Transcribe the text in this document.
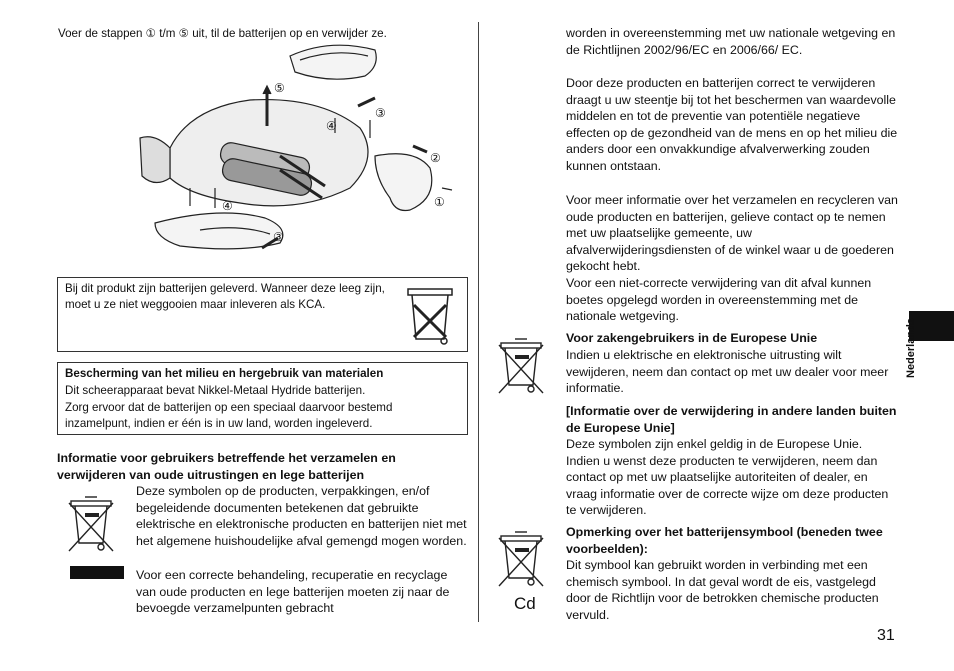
Voer de stappen ① t/m ⑤ uit, til de batterijen op en verwijder ze.
⑤
③
④
②
①
④
③
Bij dit produkt zijn batterijen geleverd. Wanneer deze leeg zijn, moet u ze niet weggooien maar inleveren als KCA.
Bescherming van het milieu en hergebruik van materialen
Dit scheerapparaat bevat Nikkel-Metaal Hydride batterijen.
Zorg ervoor dat de batterijen op een speciaal daarvoor bestemd inzamelpunt, indien er één is in uw land, worden ingeleverd.
Informatie voor gebruikers betreffende het verzamelen en verwijderen van oude uitrustingen en lege batterijen
Deze symbolen op de producten, verpakkingen, en/of begeleidende documenten betekenen dat gebruikte elektrische en elektronische producten en batterijen niet met het algemene huishoudelijke afval gemengd mogen worden.
Voor een correcte behandeling, recuperatie en recyclage van oude producten en lege batterijen moeten zij naar de bevoegde verzamelpunten gebracht
worden in overeenstemming met uw nationale wetgeving en de Richtlijnen 2002/96/EC en 2006/66/ EC.
Door deze producten en batterijen correct te verwijderen draagt u uw steentje bij tot het beschermen van waardevolle middelen en tot de preventie van potentiële negatieve effecten op de gezondheid van de mens en op het milieu die anders door een onvakkundige afvalverwerking zouden kunnen ontstaan.
Voor meer informatie over het verzamelen en recycleren van oude producten en batterijen, gelieve contact op te nemen met uw plaatselijke gemeente, uw afvalverwijderingsdiensten of de winkel waar u de goederen gekocht hebt.
Voor een niet-correcte verwijdering van dit afval kunnen boetes opgelegd worden in overeenstemming met de nationale wetgeving.
Voor zakengebruikers in de Europese Unie
Indien u elektrische en elektronische uitrusting wilt vewijderen, neem dan contact op met uw dealer voor meer informatie.
[Informatie over de verwijdering in andere landen buiten de Europese Unie]
Deze symbolen zijn enkel geldig in de Europese Unie. Indien u wenst deze producten te verwijderen, neem dan contact op met uw plaatselijke autoriteiten of dealer, en vraag informatie over de correcte wijze om deze producten te verwijderen.
Cd
Opmerking over het batterijensymbool (beneden twee voorbeelden):
Dit symbool kan gebruikt worden in verbinding met een chemisch symbool. In dat geval wordt de eis, vastgelegd door de Richtlijn voor de betrokken chemische producten vervuld.
Nederlands
31
